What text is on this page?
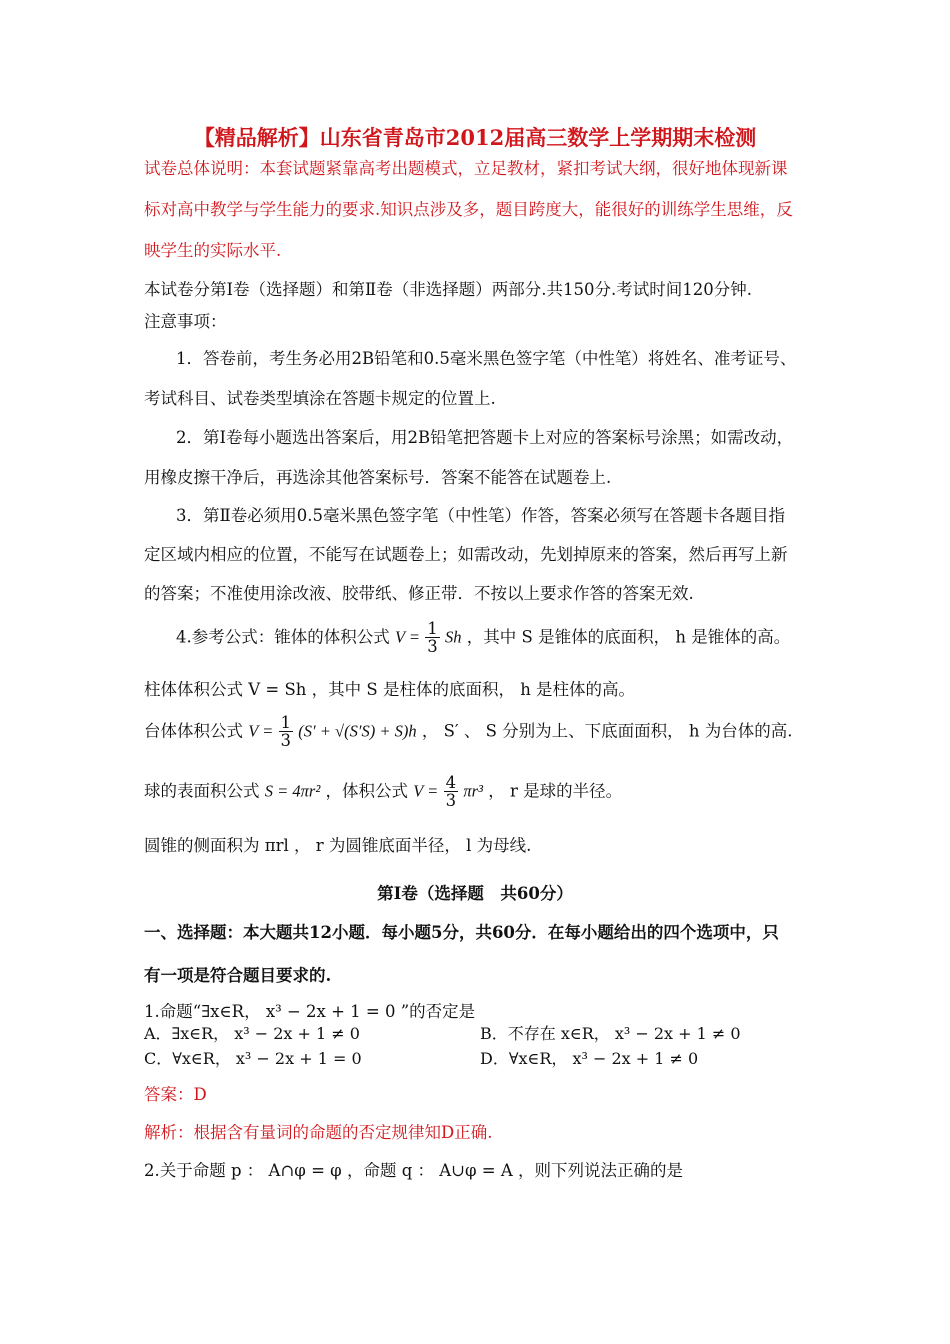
【精品解析】山东省青岛市2012届高三数学上学期期末检测
试卷总体说明：本套试题紧靠高考出题模式，立足教材，紧扣考试大纲，很好地体现新课
标对高中教学与学生能力的要求.知识点涉及多，题目跨度大，能很好的训练学生思维，反
映学生的实际水平.
本试卷分第Ⅰ卷（选择题）和第Ⅱ卷（非选择题）两部分.共150分.考试时间120分钟.
注意事项：
1．答卷前，考生务必用2B铅笔和0.5毫米黑色签字笔（中性笔）将姓名、准考证号、
考试科目、试卷类型填涂在答题卡规定的位置上.
2．第Ⅰ卷每小题选出答案后，用2B铅笔把答题卡上对应的答案标号涂黑；如需改动，
用橡皮擦干净后，再选涂其他答案标号．答案不能答在试题卷上.
3．第Ⅱ卷必须用0.5毫米黑色签字笔（中性笔）作答，答案必须写在答题卡各题目指
定区域内相应的位置，不能写在试题卷上；如需改动，先划掉原来的答案，然后再写上新
的答案；不准使用涂改液、胶带纸、修正带．不按以上要求作答的答案无效.
4.参考公式：锥体的体积公式 $V = \frac{1}{3}$ Sh ，其中 S 是锥体的底面积， h 是锥体的高。
柱体体积公式 V = Sh ，其中 S 是柱体的底面积， h 是柱体的高。
台体体积公式 $V = \frac{1}{3} (S' + √(S'S) + S)h$ ， S′ 、 S 分别为上、下底面面积， h 为台体的高.
球的表面积公式 S = 4πr² ，体积公式 $V = \frac{4}{3} \pi r^3$ ， r 是球的半径。
圆锥的侧面积为 πrl ， r 为圆锥底面半径， l 为母线.
第Ⅰ卷（选择题　共60分）
一、选择题：本大题共12小题．每小题5分，共60分．在每小题给出的四个选项中，只
有一项是符合题目要求的.
1.命题“∃x∈R， x³ − 2x + 1 = 0 ”的否定是
A．∃x∈R， x³ − 2x + 1 ≠ 0	B．不存在 x∈R， x³ − 2x + 1 ≠ 0
C．∀x∈R， x³ − 2x + 1 = 0	D．∀x∈R， x³ − 2x + 1 ≠ 0
答案：D
解析：根据含有量词的命题的否定规律知D正确.
2.关于命题 p ： A∩φ = φ ，命题 q ： A∪φ = A ，则下列说法正确的是
